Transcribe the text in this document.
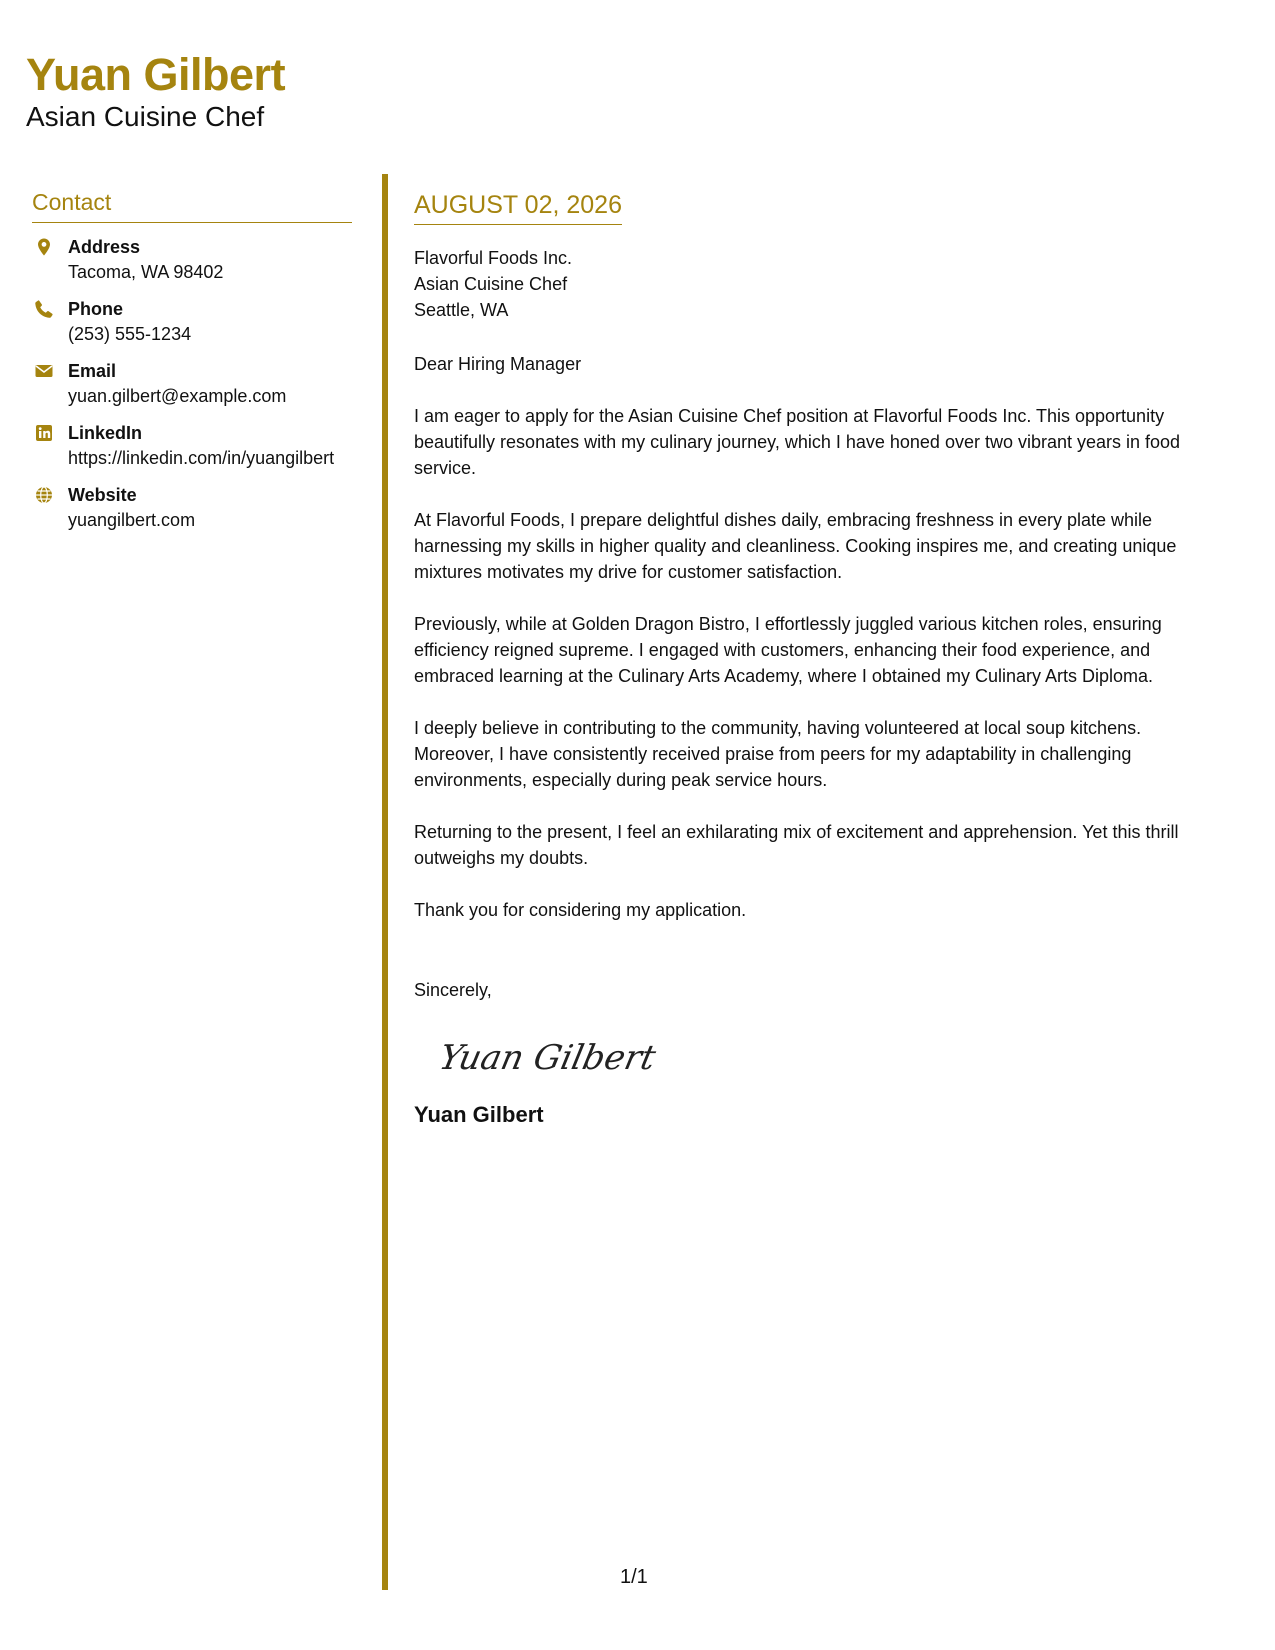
Yuan Gilbert
Asian Cuisine Chef
Contact
Address
Tacoma, WA 98402
Phone
(253) 555-1234
Email
yuan.gilbert@example.com
LinkedIn
https://linkedin.com/in/yuangilbert
Website
yuangilbert.com
AUGUST 02, 2026
Flavorful Foods Inc.
Asian Cuisine Chef
Seattle, WA
Dear Hiring Manager
I am eager to apply for the Asian Cuisine Chef position at Flavorful Foods Inc. This opportunity beautifully resonates with my culinary journey, which I have honed over two vibrant years in food service.
At Flavorful Foods, I prepare delightful dishes daily, embracing freshness in every plate while harnessing my skills in higher quality and cleanliness. Cooking inspires me, and creating unique mixtures motivates my drive for customer satisfaction.
Previously, while at Golden Dragon Bistro, I effortlessly juggled various kitchen roles, ensuring efficiency reigned supreme. I engaged with customers, enhancing their food experience, and embraced learning at the Culinary Arts Academy, where I obtained my Culinary Arts Diploma.
I deeply believe in contributing to the community, having volunteered at local soup kitchens. Moreover, I have consistently received praise from peers for my adaptability in challenging environments, especially during peak service hours.
Returning to the present, I feel an exhilarating mix of excitement and apprehension. Yet this thrill outweighs my doubts.
Thank you for considering my application.
Sincerely,
Yuan Gilbert
Yuan Gilbert
1/1
